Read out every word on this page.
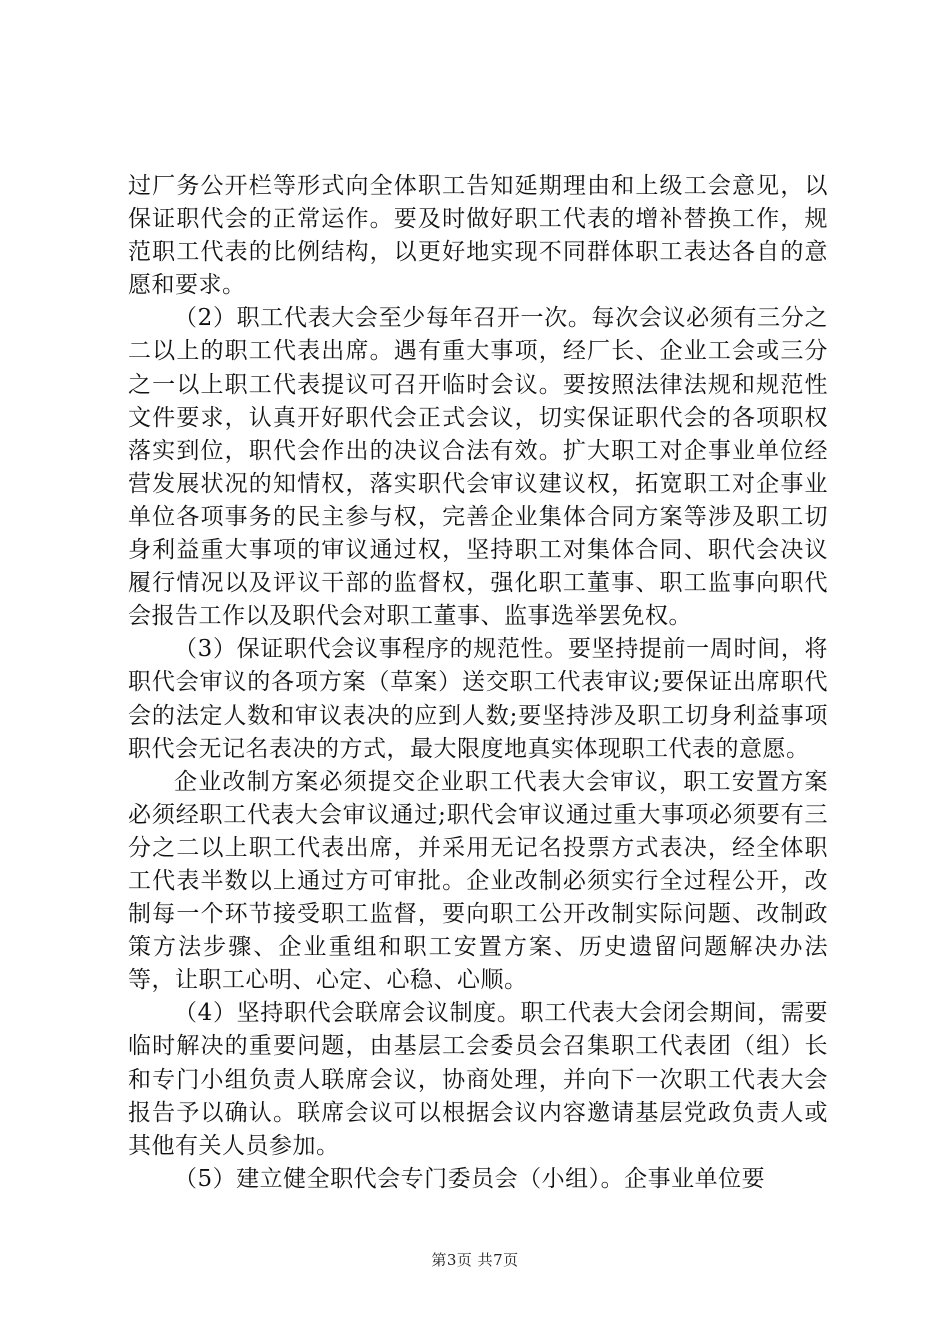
过厂务公开栏等形式向全体职工告知延期理由和上级工会意见，以保证职代会的正常运作。要及时做好职工代表的增补替换工作，规范职工代表的比例结构，以更好地实现不同群体职工表达各自的意愿和要求。

（2）职工代表大会至少每年召开一次。每次会议必须有三分之二以上的职工代表出席。遇有重大事项，经厂长、企业工会或三分之一以上职工代表提议可召开临时会议。要按照法律法规和规范性文件要求，认真开好职代会正式会议，切实保证职代会的各项职权落实到位，职代会作出的决议合法有效。扩大职工对企事业单位经营发展状况的知情权，落实职代会审议建议权，拓宽职工对企事业单位各项事务的民主参与权，完善企业集体合同方案等涉及职工切身利益重大事项的审议通过权，坚持职工对集体合同、职代会决议履行情况以及评议干部的监督权，强化职工董事、职工监事向职代会报告工作以及职代会对职工董事、监事选举罢免权。

（3）保证职代会议事程序的规范性。要坚持提前一周时间，将职代会审议的各项方案（草案）送交职工代表审议;要保证出席职代会的法定人数和审议表决的应到人数;要坚持涉及职工切身利益事项职代会无记名表决的方式，最大限度地真实体现职工代表的意愿。

企业改制方案必须提交企业职工代表大会审议，职工安置方案必须经职工代表大会审议通过;职代会审议通过重大事项必须要有三分之二以上职工代表出席，并采用无记名投票方式表决，经全体职工代表半数以上通过方可审批。企业改制必须实行全过程公开，改制每一个环节接受职工监督，要向职工公开改制实际问题、改制政策方法步骤、企业重组和职工安置方案、历史遗留问题解决办法等，让职工心明、心定、心稳、心顺。

（4）坚持职代会联席会议制度。职工代表大会闭会期间，需要临时解决的重要问题，由基层工会委员会召集职工代表团（组）长和专门小组负责人联席会议，协商处理，并向下一次职工代表大会报告予以确认。联席会议可以根据会议内容邀请基层党政负责人或其他有关人员参加。

（5）建立健全职代会专门委员会（小组）。企事业单位要

第3页 共7页
